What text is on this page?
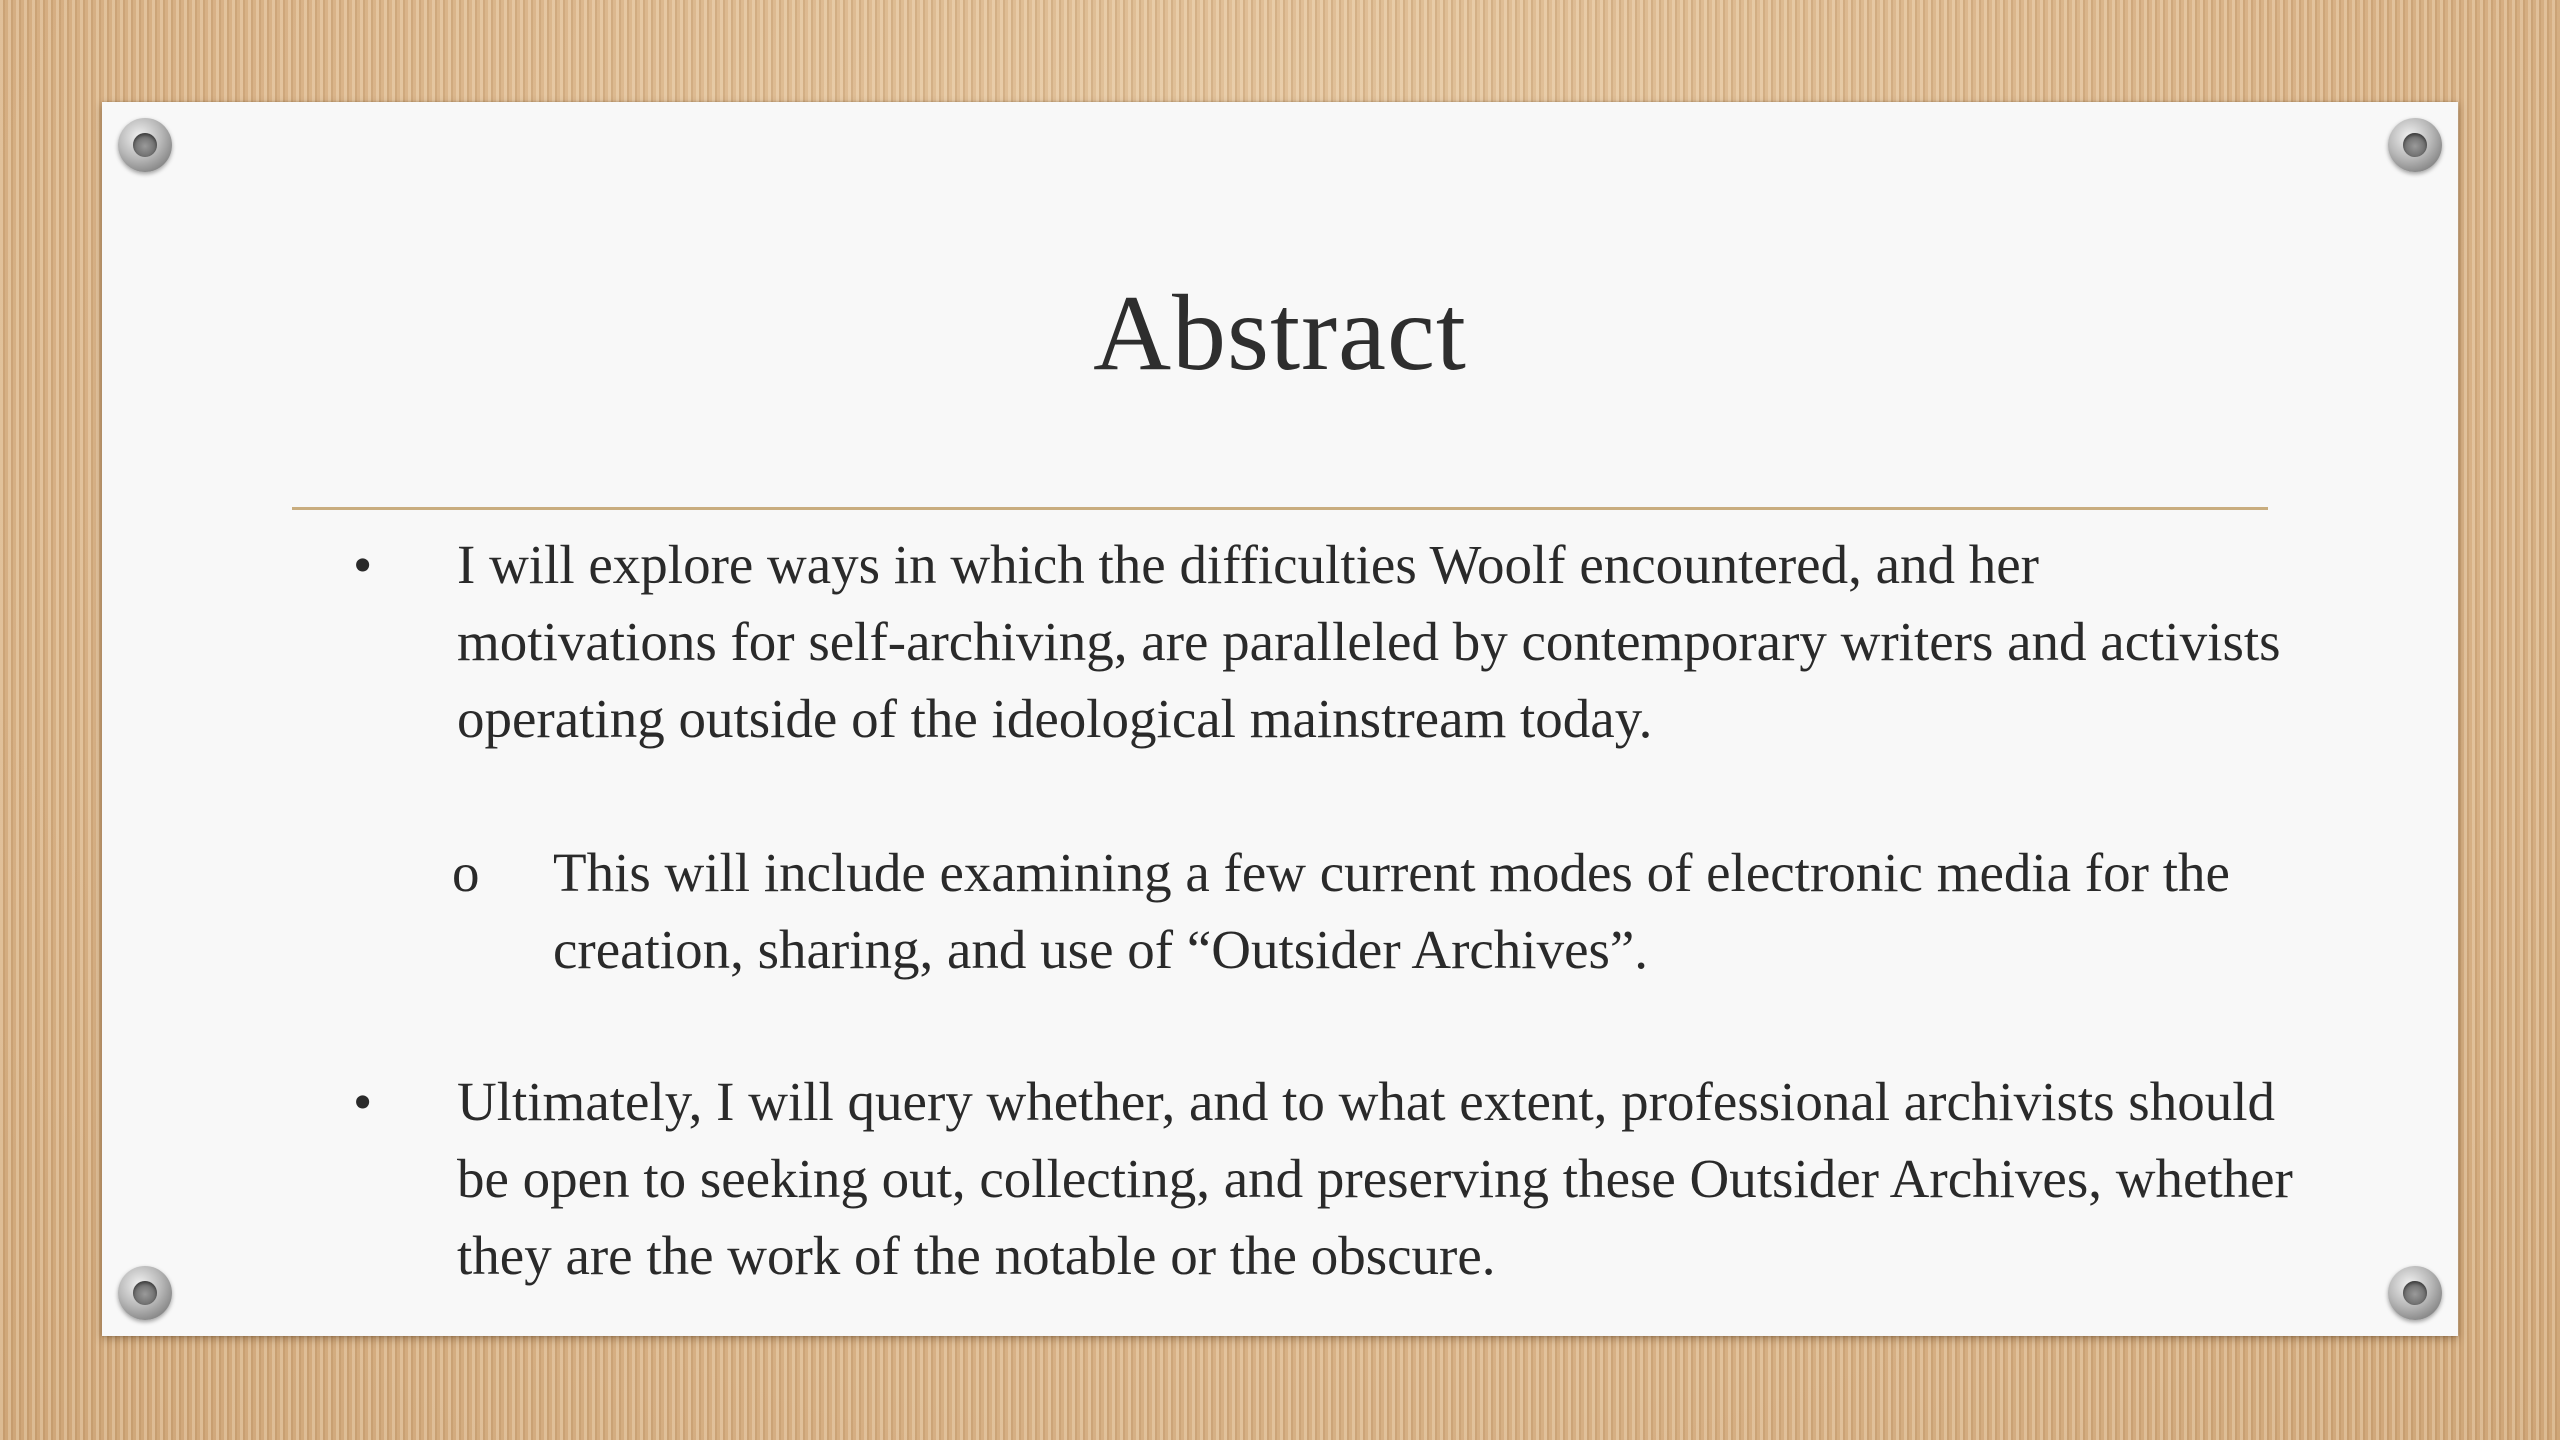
Abstract
• I will explore ways in which the difficulties Woolf encountered, and her motivations for self-archiving, are paralleled by contemporary writers and activists operating outside of the ideological mainstream today.
o This will include examining a few current modes of electronic media for the creation, sharing, and use of “Outsider Archives”.
• Ultimately, I will query whether, and to what extent, professional archivists should be open to seeking out, collecting, and preserving these Outsider Archives, whether they are the work of the notable or the obscure.
